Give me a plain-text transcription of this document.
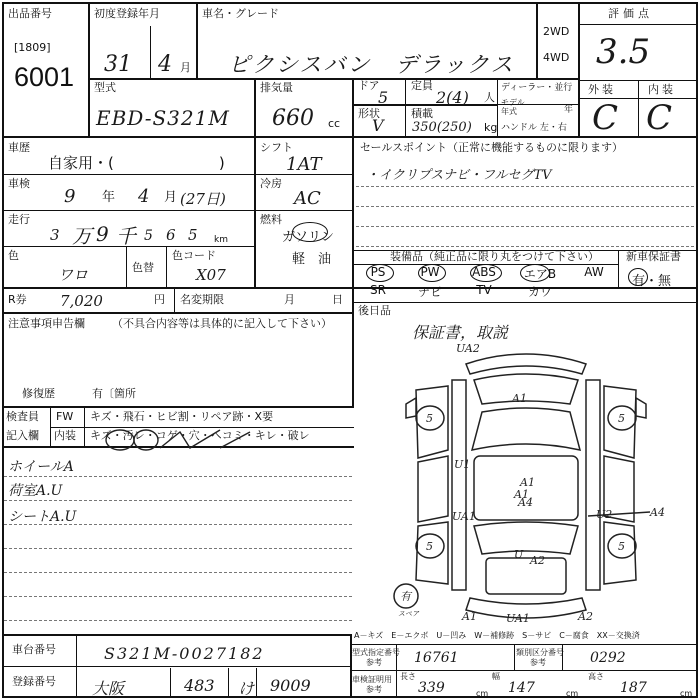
出品番号
[1809]
6001
初度登録年月
31 4 月
車名・グレード
ピクシスバン　デラックス
2WD
4WD
評価点
3.5
型式
EBD-S321M
排気量
660 cc
ドア
5
定員
2(4) 人
形状
V
積載
350(250) kg
ディーラー・並行
モデル年式	年
ハンドル 左・右
外装	内装
C C
車歴
自家用・(　　　　　　　)
車検
9 年 4 月 (27日)
走行
3 万 9 千 5 6 5 km
色
ワロ	色替
色コード
X07
シフト
1AT
冷房
AC
燃料
ガソリン
軽　油
セールスポイント（正常に機能するものに限ります）
・イクリプスナビ・フルセグTV
装備品（純正品に限り丸をつけて下さい） 新車保証書
有・無
PS	PW	ABS	エアB	AW
SR	ナビ	TV	カワ
R券 7,020	円 名変期限	月	日
後日品
保証書，取説
注意事項申告欄 （不具合内容等は具体的に記入して下さい）
修復歴	有〔箇所
検査員
記入欄
FW キズ・飛石・ヒビ割・リペア跡・X要
内装 キズ・汚レ・コゲ・穴・ヘコミ・キレ・破レ
ホイールA
荷室A.U
シートA.U
UA2
A1
5	5
U1
A1
A1
A4
UA1	U2	A4
5	5
U A2
有
スペア	A1	UA1	A2
A－キズ　E－エクボ　U－凹み　W－補修跡　S－サビ　C－腐食　XX－交換済
車台番号	S321M-0027182
登録番号 大阪	483 け 9009
型式指定番号
参考 16761	類別区分番号
参考	0292
車検証明用
参考
長さ
339	cm
幅
147	cm
高さ
187	cm
